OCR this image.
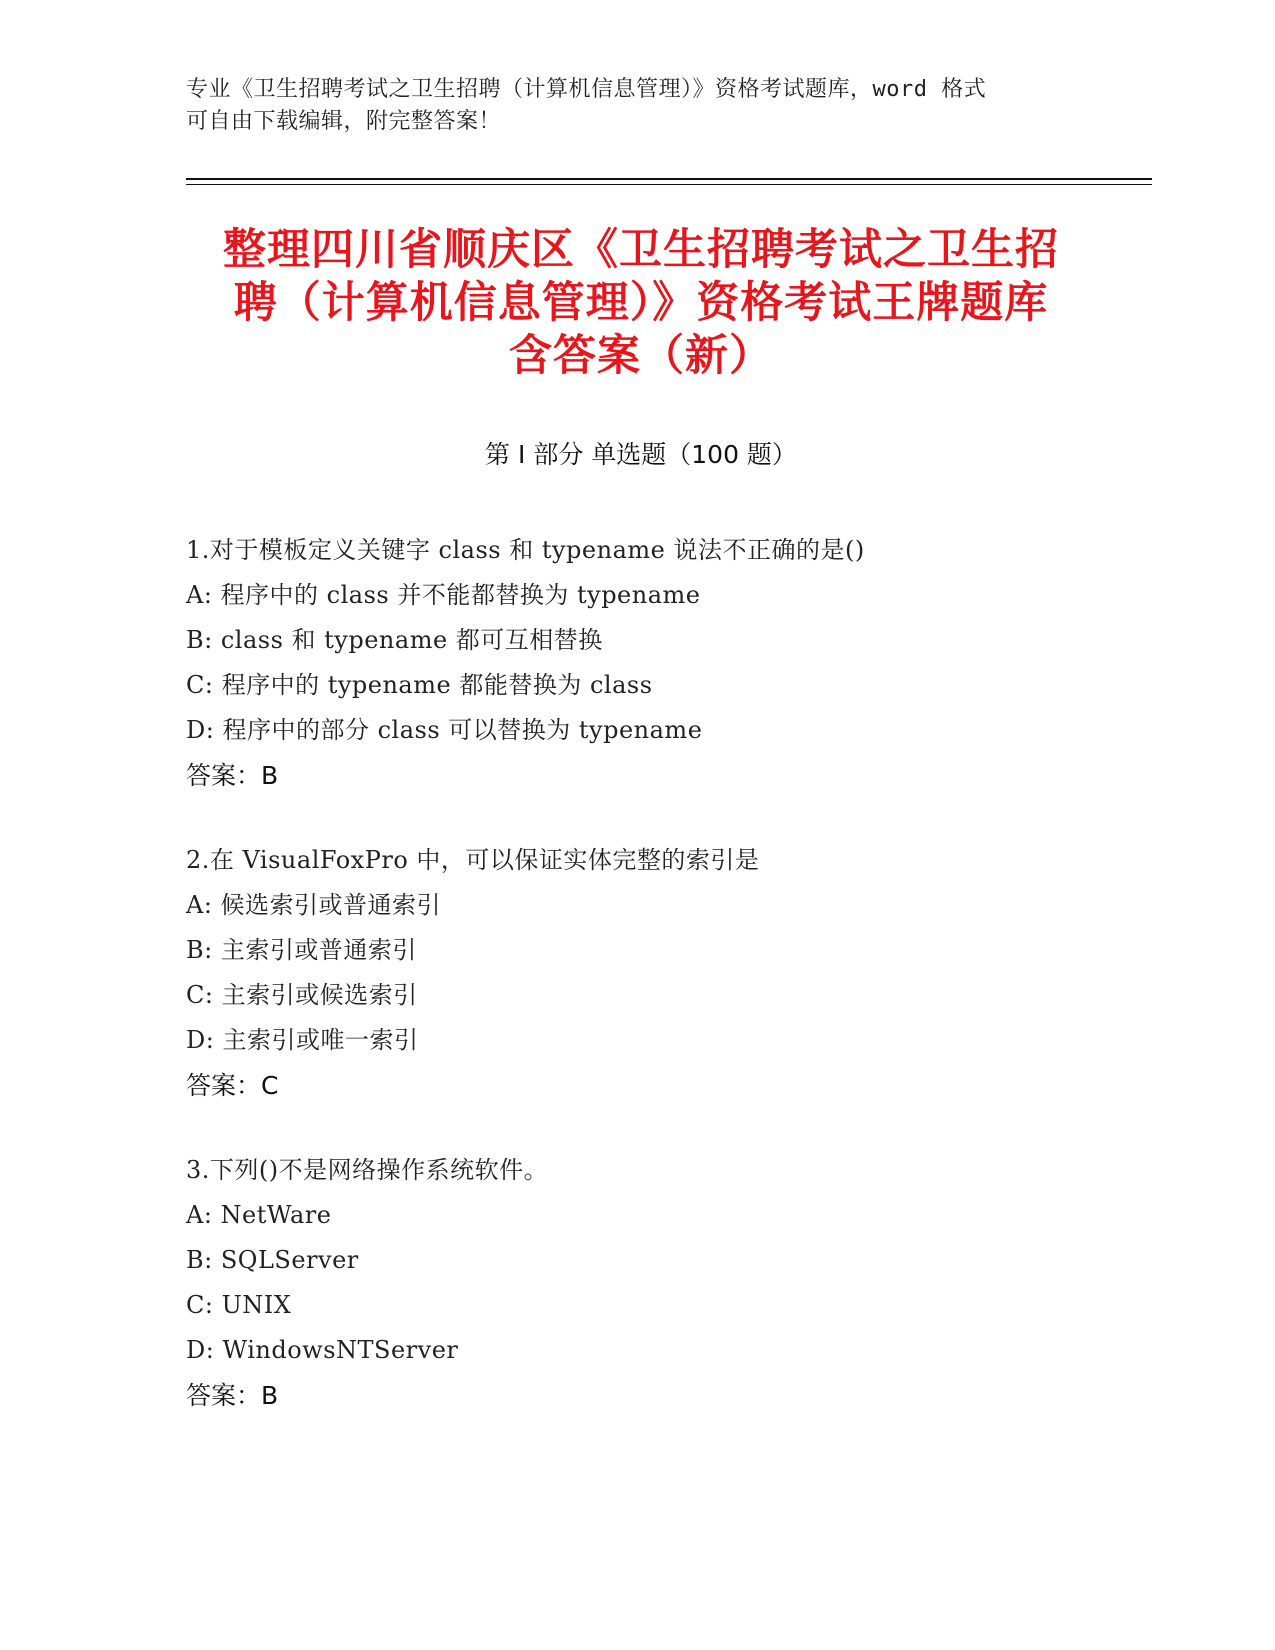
专业《卫生招聘考试之卫生招聘（计算机信息管理）》资格考试题库，word 格式
可自由下载编辑，附完整答案！
整理四川省顺庆区《卫生招聘考试之卫生招
聘（计算机信息管理）》资格考试王牌题库
含答案（新）
第 I 部分 单选题（100 题）
1.对于模板定义关键字 class 和 typename 说法不正确的是()
A: 程序中的 class 并不能都替换为 typename
B: class 和 typename 都可互相替换
C: 程序中的 typename 都能替换为 class
D: 程序中的部分 class 可以替换为 typename
答案：B
2.在 VisualFoxPro 中，可以保证实体完整的索引是
A: 候选索引或普通索引
B: 主索引或普通索引
C: 主索引或候选索引
D: 主索引或唯一索引
答案：C
3.下列()不是网络操作系统软件。
A: NetWare
B: SQLServer
C: UNIX
D: WindowsNTServer
答案：B
